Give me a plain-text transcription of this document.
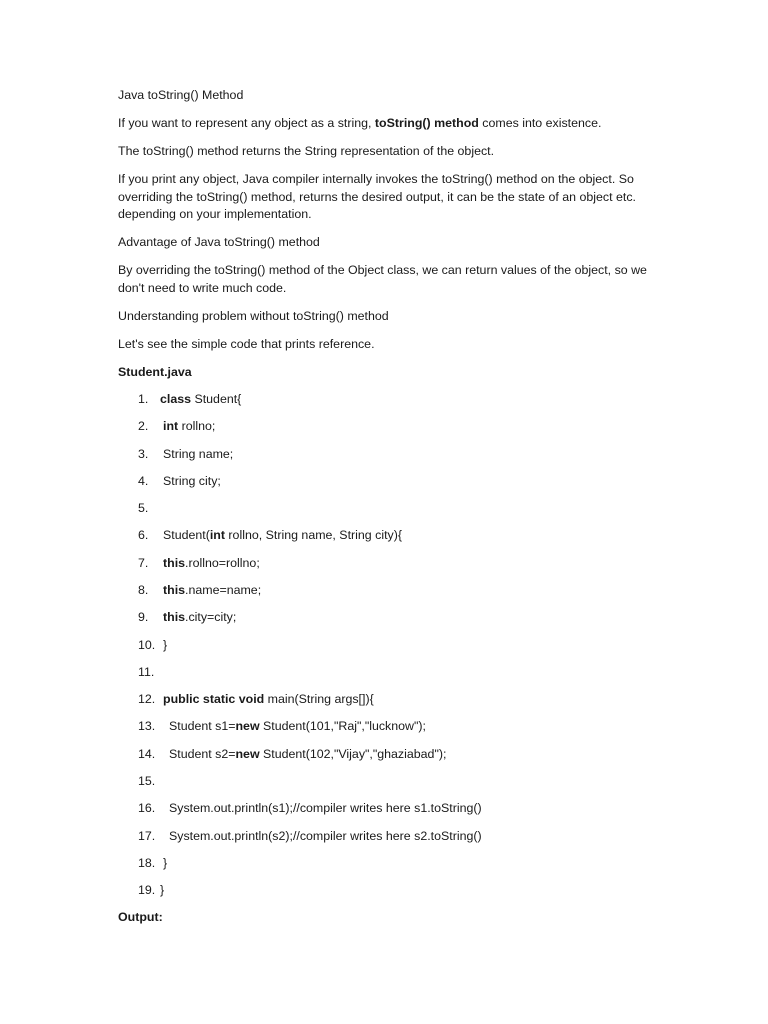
Java toString() Method

If you want to represent any object as a string, toString() method comes into existence.

The toString() method returns the String representation of the object.

If you print any object, Java compiler internally invokes the toString() method on the object. So overriding the toString() method, returns the desired output, it can be the state of an object etc. depending on your implementation.

Advantage of Java toString() method

By overriding the toString() method of the Object class, we can return values of the object, so we don't need to write much code.

Understanding problem without toString() method

Let's see the simple code that prints reference.

Student.java

1. class Student{
2.	int rollno;
3.	String name;
4.	String city;
5.
6.	Student(int rollno, String name, String city){
7.	this.rollno=rollno;
8.	this.name=name;
9.	this.city=city;
10. }
11.
12. public static void main(String args[]){
13.	Student s1=new Student(101,"Raj","lucknow");
14.	Student s2=new Student(102,"Vijay","ghaziabad");
15.
16.	System.out.println(s1);//compiler writes here s1.toString()
17.	System.out.println(s2);//compiler writes here s2.toString()
18. }
19. }

Output:
